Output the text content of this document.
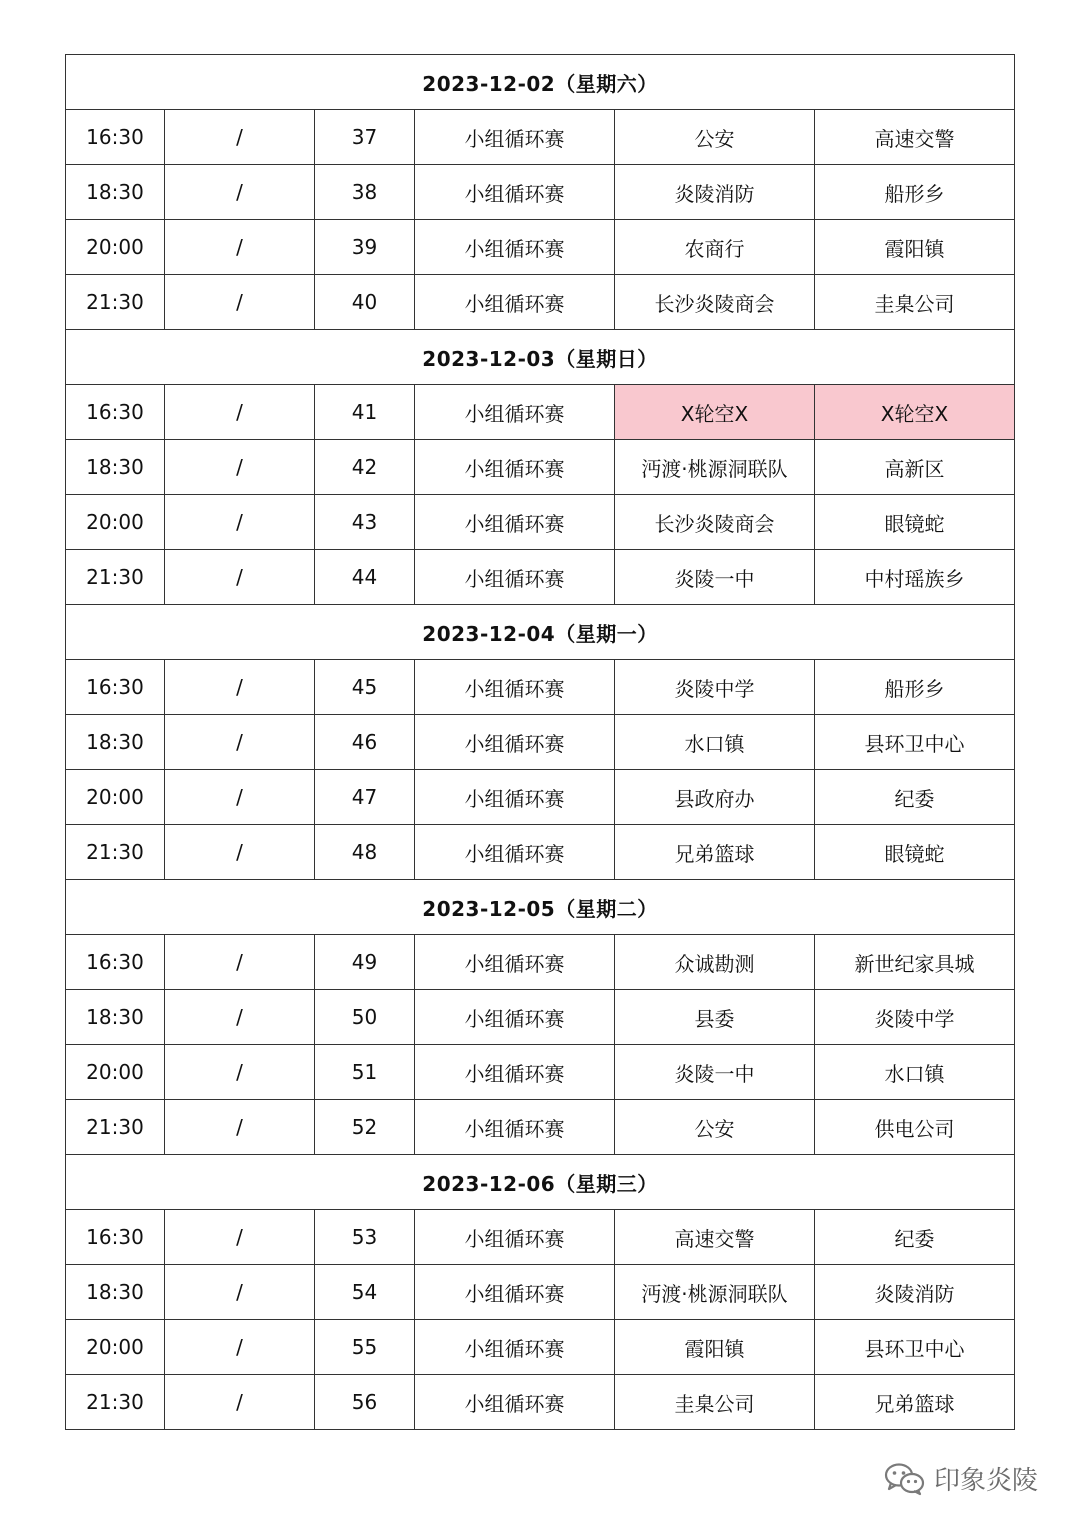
2023-12-02（星期六）					
16:30	/	37	小组循环赛	公安	高速交警
18:30	/	38	小组循环赛	炎陵消防	船形乡
20:00	/	39	小组循环赛	农商行	霞阳镇
21:30	/	40	小组循环赛	长沙炎陵商会	圭臬公司
2023-12-03（星期日）					
16:30	/	41	小组循环赛	X轮空X	X轮空X
18:30	/	42	小组循环赛	沔渡·桃源洞联队	高新区
20:00	/	43	小组循环赛	长沙炎陵商会	眼镜蛇
21:30	/	44	小组循环赛	炎陵一中	中村瑶族乡
2023-12-04（星期一）					
16:30	/	45	小组循环赛	炎陵中学	船形乡
18:30	/	46	小组循环赛	水口镇	县环卫中心
20:00	/	47	小组循环赛	县政府办	纪委
21:30	/	48	小组循环赛	兄弟篮球	眼镜蛇
2023-12-05（星期二）					
16:30	/	49	小组循环赛	众诚勘测	新世纪家具城
18:30	/	50	小组循环赛	县委	炎陵中学
20:00	/	51	小组循环赛	炎陵一中	水口镇
21:30	/	52	小组循环赛	公安	供电公司
2023-12-06（星期三）					
16:30	/	53	小组循环赛	高速交警	纪委
18:30	/	54	小组循环赛	沔渡·桃源洞联队	炎陵消防
20:00	/	55	小组循环赛	霞阳镇	县环卫中心
21:30	/	56	小组循环赛	圭臬公司	兄弟篮球
印象炎陵
